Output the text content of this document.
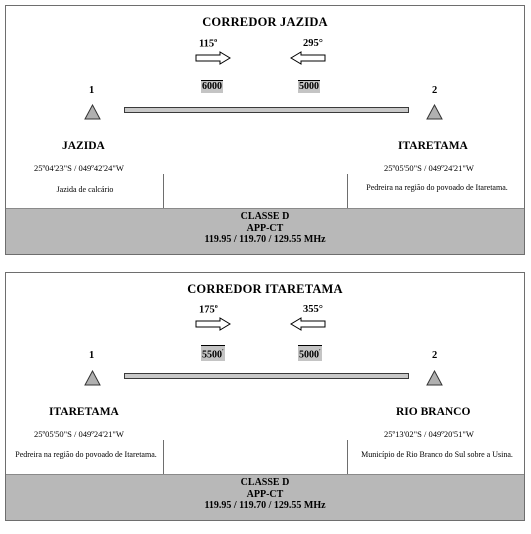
CORREDOR JAZIDA
115$^o$	295°
6000	5000
1	2
JAZIDA
25º04'23"S / 049º42'24"W
ITARETAMA
25º05'50"S / 049º24'21"W
Jazida de calcário	Pedreira na região do povoado de Itaretama.
CLASSE D
APP-CT
119.95 / 119.70 / 129.55 MHz
CORREDOR ITARETAMA
175$^o$	355°
5500'	5000'
1	2
ITARETAMA
25º05'50"S / 049º24'21"W
RIO BRANCO
25º13'02"S / 049º20'51"W
Pedreira na região do povoado de Itaretama.	Município de Rio Branco do Sul sobre a Usina.
CLASSE D
APP-CT
119.95 / 119.70 / 129.55 MHz
